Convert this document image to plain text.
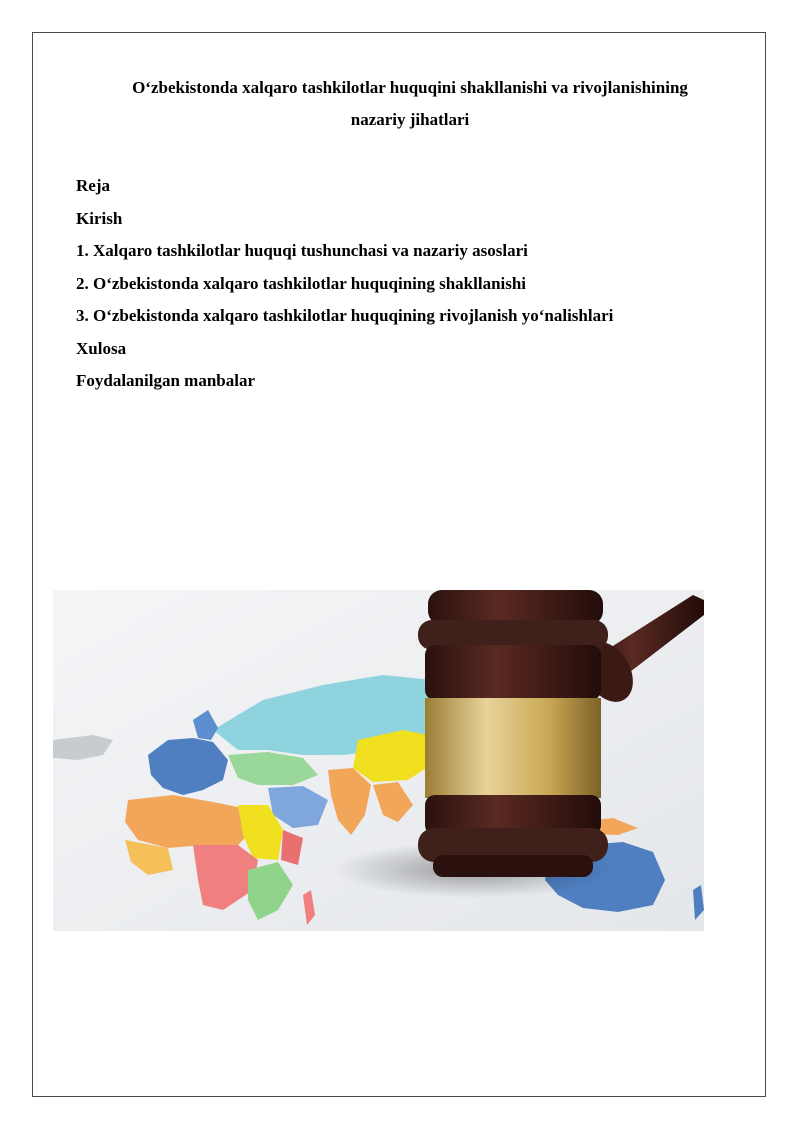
O‘zbekistonda xalqaro tashkilotlar huquqini shakllanishi va rivojlanishining
nazariy jihatlari
Reja
Kirish
1. Xalqaro tashkilotlar huquqi tushunchasi va nazariy asoslari
2. O‘zbekistonda xalqaro tashkilotlar huquqining shakllanishi
3. O‘zbekistonda xalqaro tashkilotlar huquqining rivojlanish yo‘nalishlari
Xulosa
Foydalanilgan manbalar
